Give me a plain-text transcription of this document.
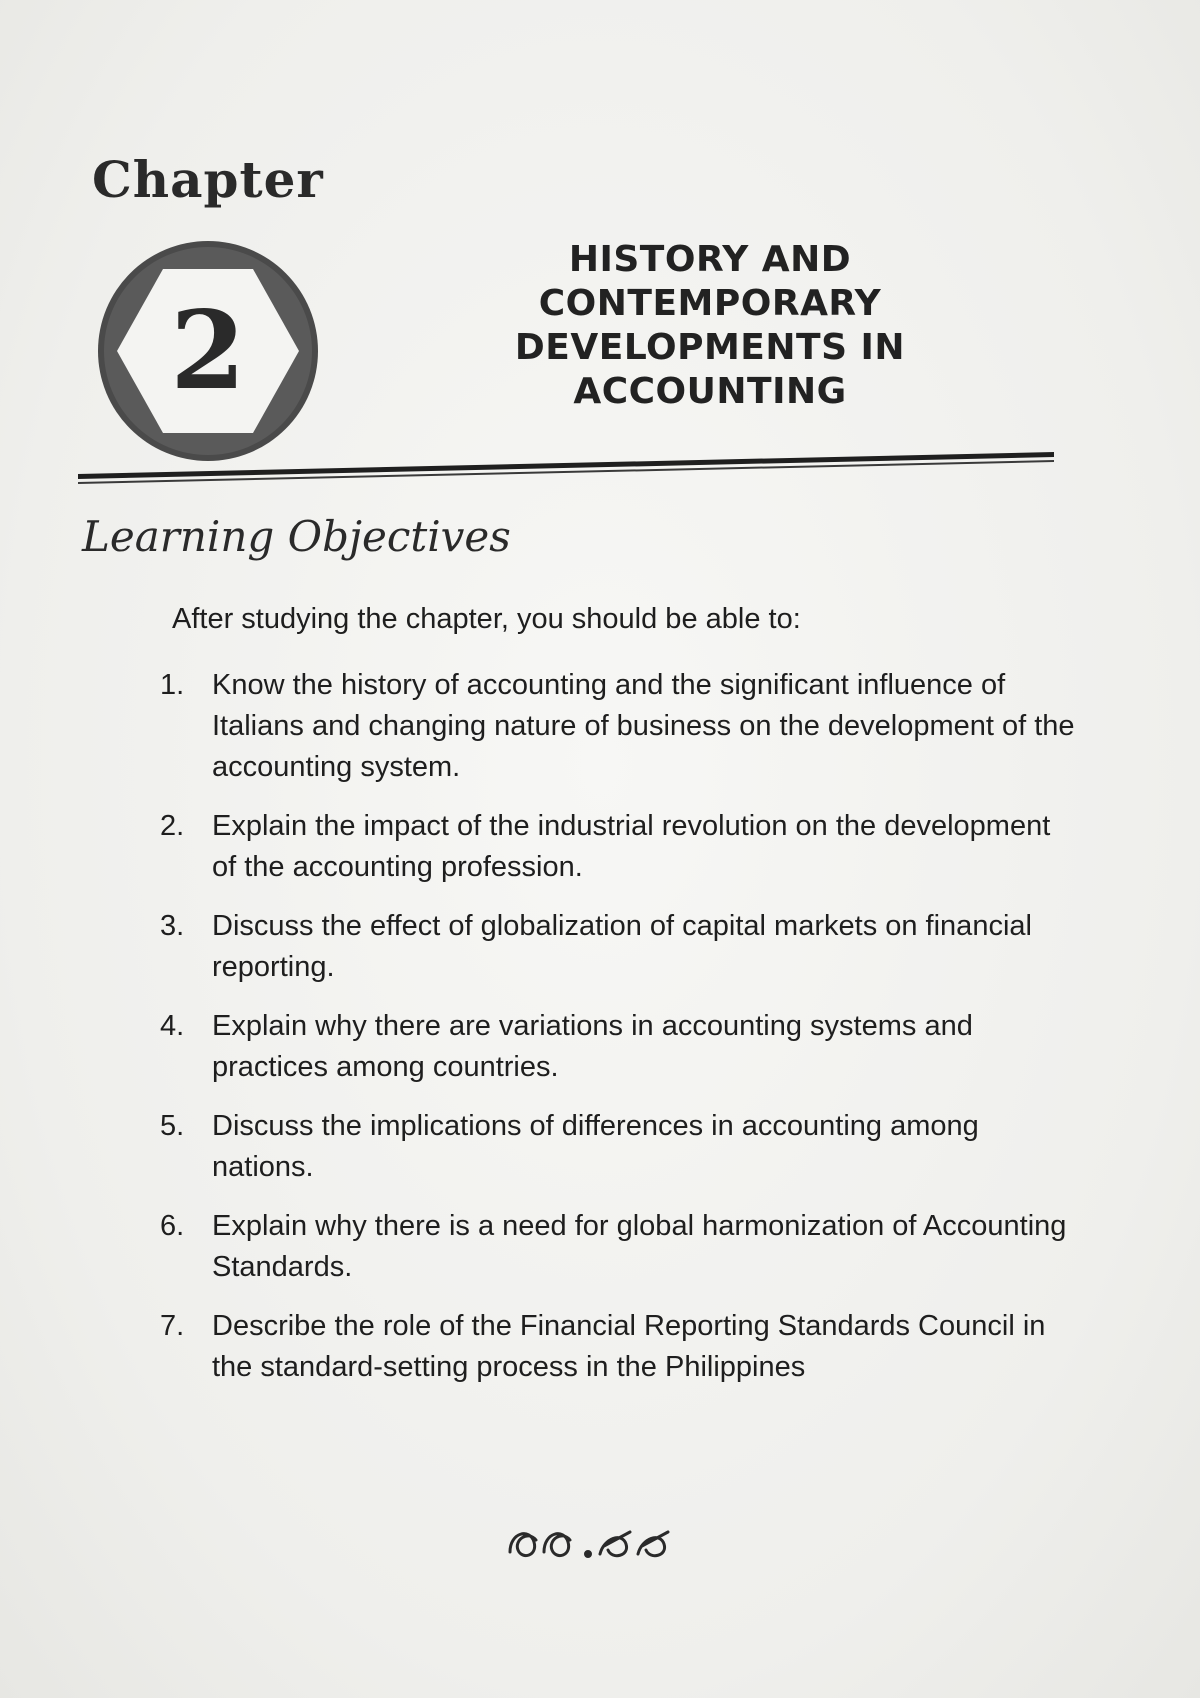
Chapter
2
HISTORY AND
CONTEMPORARY
DEVELOPMENTS IN
ACCOUNTING
Learning Objectives
After studying the chapter, you should be able to:
1. Know the history of accounting and the significant influence of Italians and changing nature of business on the development of the accounting system.
2. Explain the impact of the industrial revolution on the development of the accounting profession.
3. Discuss the effect of globalization of capital markets on financial reporting.
4. Explain why there are variations in accounting systems and practices among countries.
5. Discuss the implications of differences in accounting among nations.
6. Explain why there is a need for global harmonization of Accounting Standards.
7. Describe the role of the Financial Reporting Standards Council in the standard-setting process in the Philippines
